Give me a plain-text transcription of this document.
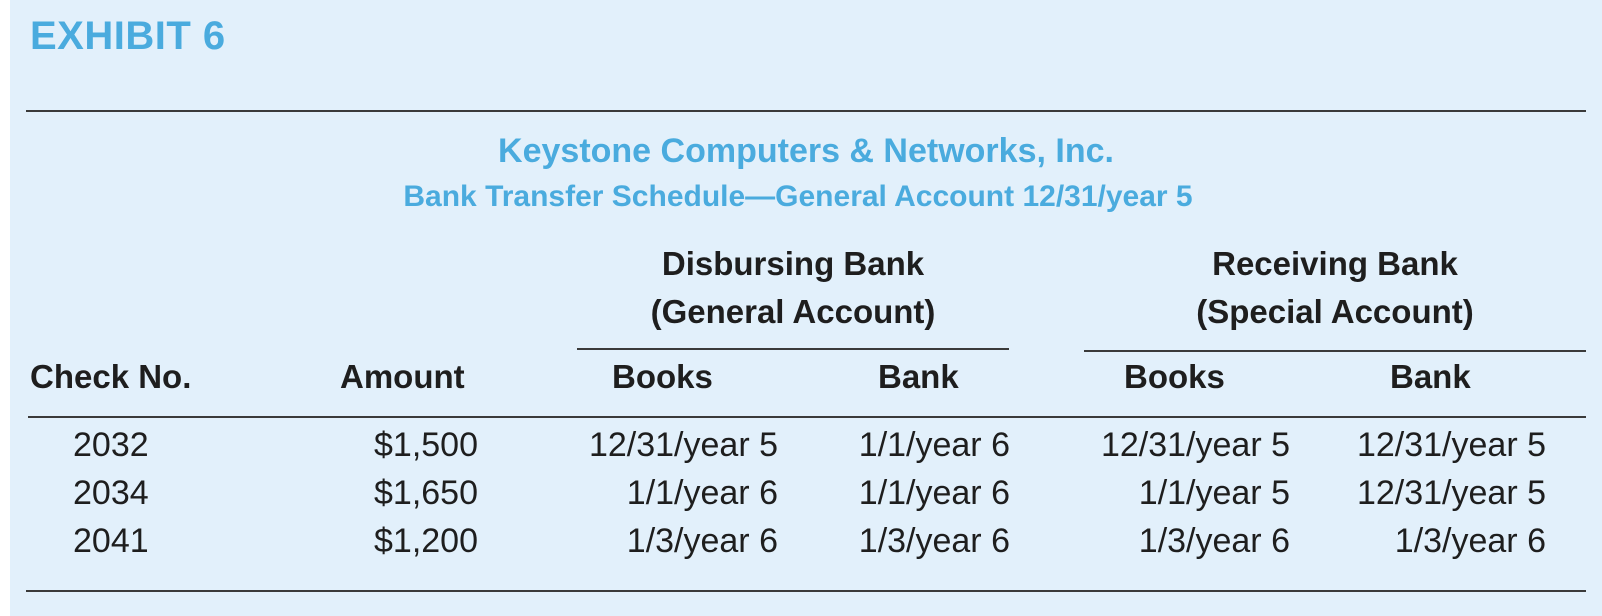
EXHIBIT 6

Keystone Computers & Networks, Inc.

Bank Transfer Schedule—General Account 12/31/year 5

Disbursing Bank
(General Account)
Receiving Bank
(Special Account)
Check No.	Amount	Books	Bank	Books	Bank
2032	$1,500	12/31/year 5	1/1/year 6	12/31/year 5	12/31/year 5
2034	$1,650	1/1/year 6	1/1/year 6	1/1/year 5	12/31/year 5
2041	$1,200	1/3/year 6	1/3/year 6	1/3/year 6	1/3/year 6
